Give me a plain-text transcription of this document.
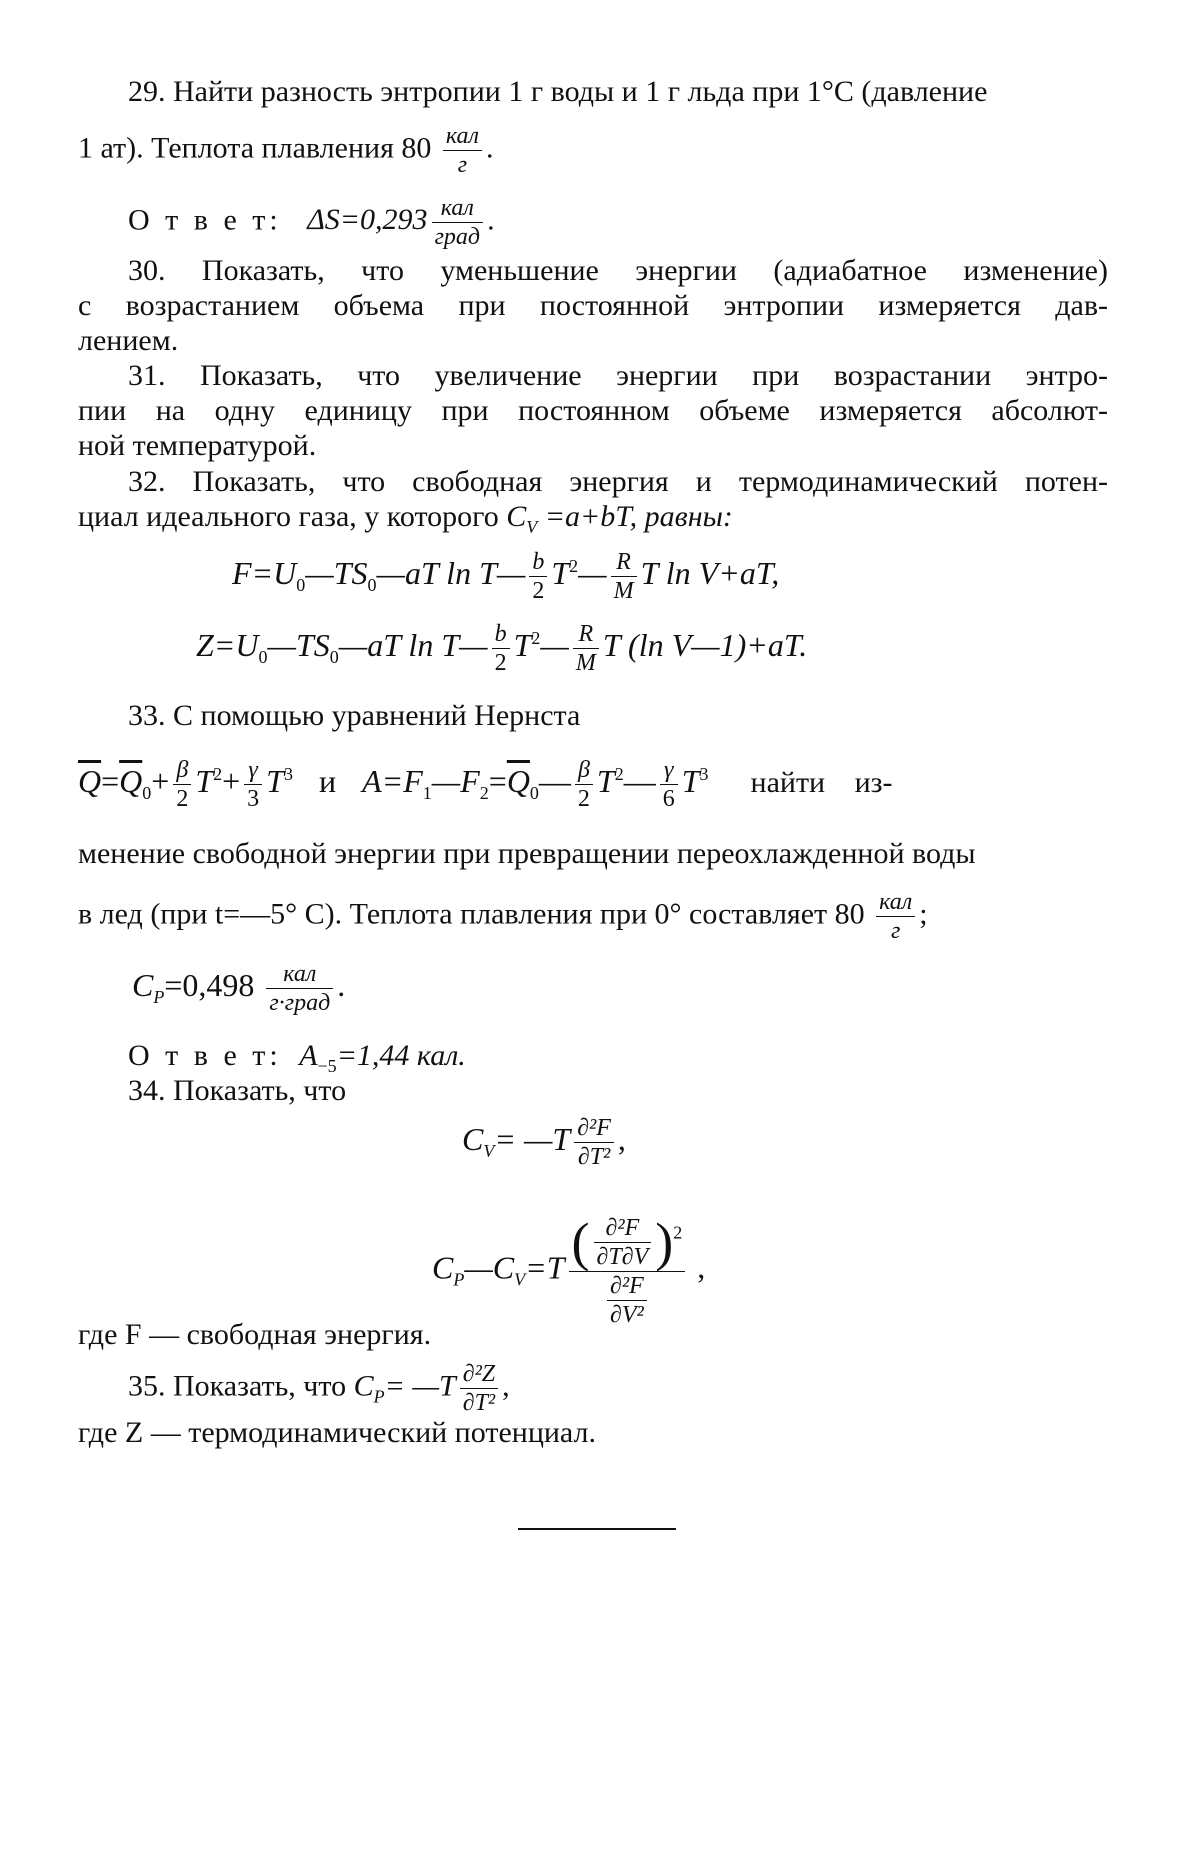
29. Найти разность энтропии 1 г воды и 1 г льда при 1°С (давление
1 ат). Теплота плавления 80 кал
г
.
О т в е т: ΔS=0,293 кал
град
.
30. Показать, что уменьшение энергии (адиабатное изменение)
с возрастанием объема при постоянной энтропии измеряется дав-
лением.
31. Показать, что увеличение энергии при возрастании энтро-
пии на одну единицу при постоянном объеме измеряется абсолют-
ной температурой.
32. Показать, что свободная энергия и термодинамический потен-
циал идеального газа, у которого $C_V =a+bT$, равны:
$F=U_0—TS_0—aT$ ln T— $\frac{b}{2}$ $T^2— \frac{R}{M}$ T ln V+aT,
$Z=U_0—TS_0—aT$ ln T— $\frac{b}{2}$ $T^2— \frac{R}{M}$ T (ln V—1)+aT.
33. С помощью уравнений Нернста
$\overline{Q}=\overline{Q}_0+ \frac{\beta}{2} T^2+ \frac{\gamma}{3} T^3$ и $A=F_1—F_2=\overline{Q}_0— \frac{\beta}{2}$ $T^2— \frac{\gamma}{6} T^3$ найти из-
менение свободной энергии при превращении переохлажденной воды
в лед (при t=—5° С). Теплота плавления при 0° составляет 80 кал
г
;
$C_P=0,498$	кал
г·град
.
О т в е т: $A_{-5}=1,44$ кал.
34. Показать, что
$C_V=$ —T $\frac{\text{∂²F}}{\text{∂T²}}$ ,
$C_P—C_V=T \frac{( \frac{\text{∂²F}}{\partial T\partial V} )^2}{\frac{\text{∂²F}}{\text{∂V²}}}$ ,
где F — свободная энергия.
35. Показать, что $C_P=$ —T $\frac{\text{∂²Z}}{\text{∂T²}}$ ,
где Z — термодинамический потенциал.
